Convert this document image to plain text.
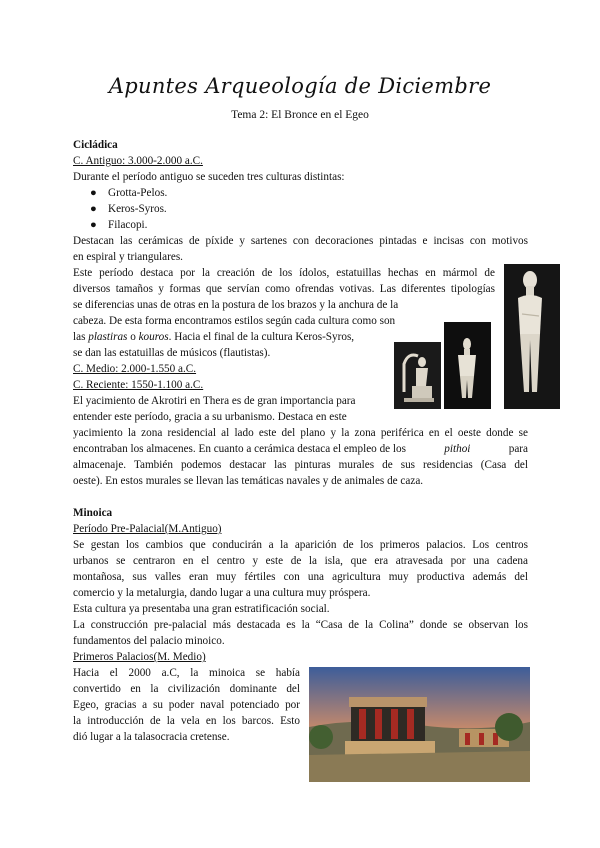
Apuntes Arqueología de Diciembre
Tema 2: El Bronce en el Egeo
Cicládica
C. Antiguo: 3.000-2.000 a.C.
Durante el período antiguo se suceden tres culturas distintas:
● Grotta-Pelos.
● Keros-Syros.
● Filacopi.
Destacan las cerámicas de píxide y sartenes con decoraciones pintadas e incisas con motivos
en espiral y triangulares.
Este período destaca por la creación de los ídolos, estatuillas hechas en mármol de
diversos tamaños y formas que servían como ofrendas votivas. Las diferentes tipologías
se diferencias unas de otras en la postura de los brazos y la anchura de la
cabeza. De esta forma encontramos estilos según cada cultura como son
las plastiras o kouros. Hacia el final de la cultura Keros-Syros,
se dan las estatuillas de músicos (flautistas).
C. Medio: 2.000-1.550 a.C.
C. Reciente: 1550-1.100 a.C.
El yacimiento de Akrotiri en Thera es de gran importancia para
entender este período, gracia a su urbanismo. Destaca en este
yacimiento la zona residencial al lado este del plano y la zona periférica en el oeste donde se
encontraban los almacenes. En cuanto a cerámica destaca el empleo de los	pithoi	para
almacenaje. También podemos destacar las pinturas murales de sus residencias (Casa del
oeste). En estos murales se llevan las temáticas navales y de animales de caza.
Minoica
Período Pre-Palacial(M.Antiguo)
Se gestan los cambios que conducirán a la aparición de los primeros palacios. Los centros
urbanos se centraron en el centro y este de la isla, que era atravesada por una cadena
montañosa, sus valles eran muy fértiles con una agricultura muy productiva además del
comercio y la metalurgia, dando lugar a una cultura muy próspera.
Esta cultura ya presentaba una gran estratificación social.
La construcción pre-palacial más destacada es la “Casa de la Colina” donde se observan los
fundamentos del palacio minoico.
Primeros Palacios(M. Medio)
Hacia el 2000 a.C, la minoica se había
convertido en la civilización dominante del
Egeo, gracias a su poder naval potenciado por
la introducción de la vela en los barcos. Esto
dió lugar a la talasocracia cretense.
